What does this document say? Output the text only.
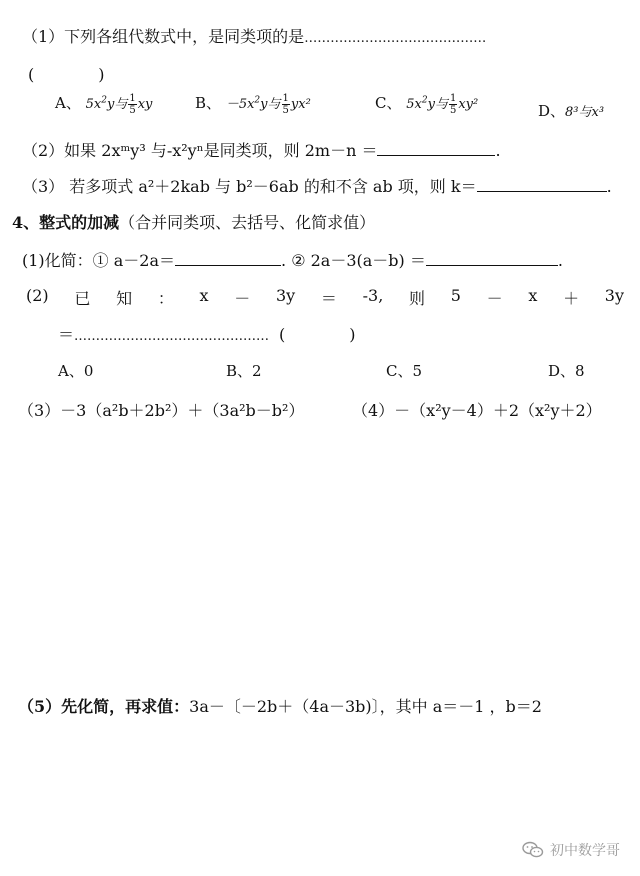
（1）下列各组代数式中，是同类项的是……………………………………
(　　　　)
A、 $5x^2y$与 $\frac{1}{5}$ xy	B、 $-5x^2y$与 $\frac{1}{5} yx^2$	C、 $5x^2y$与 $\frac{1}{5} xy^2$	D、8³与x³
（2）如果 2xᵐy³ 与-x²yⁿ是同类项，则 2m－n ＝	.
（3） 若多项式 a²＋2kab 与 b²－6ab 的和不含 ab 项，则 k＝	.
4、整式的加减（合并同类项、去括号、化简求值）
(1)化简：① a－2a＝	. ② 2a－3(a－b) ＝	.
(2) 已 知 ： x － 3y ＝ -3, 则 5 － x ＋ 3y
＝……………………………………… (　　　　)
A、0	B、2	C、5	D、8
（3）－3（a²b＋2b²）＋（3a²b－b²）	（4）－（x²y－4）＋2（x²y＋2）
（5）先化简，再求值：3a－〔－2b＋（4a－3b)〕，其中 a＝－1 ，b＝2
初中数学哥
